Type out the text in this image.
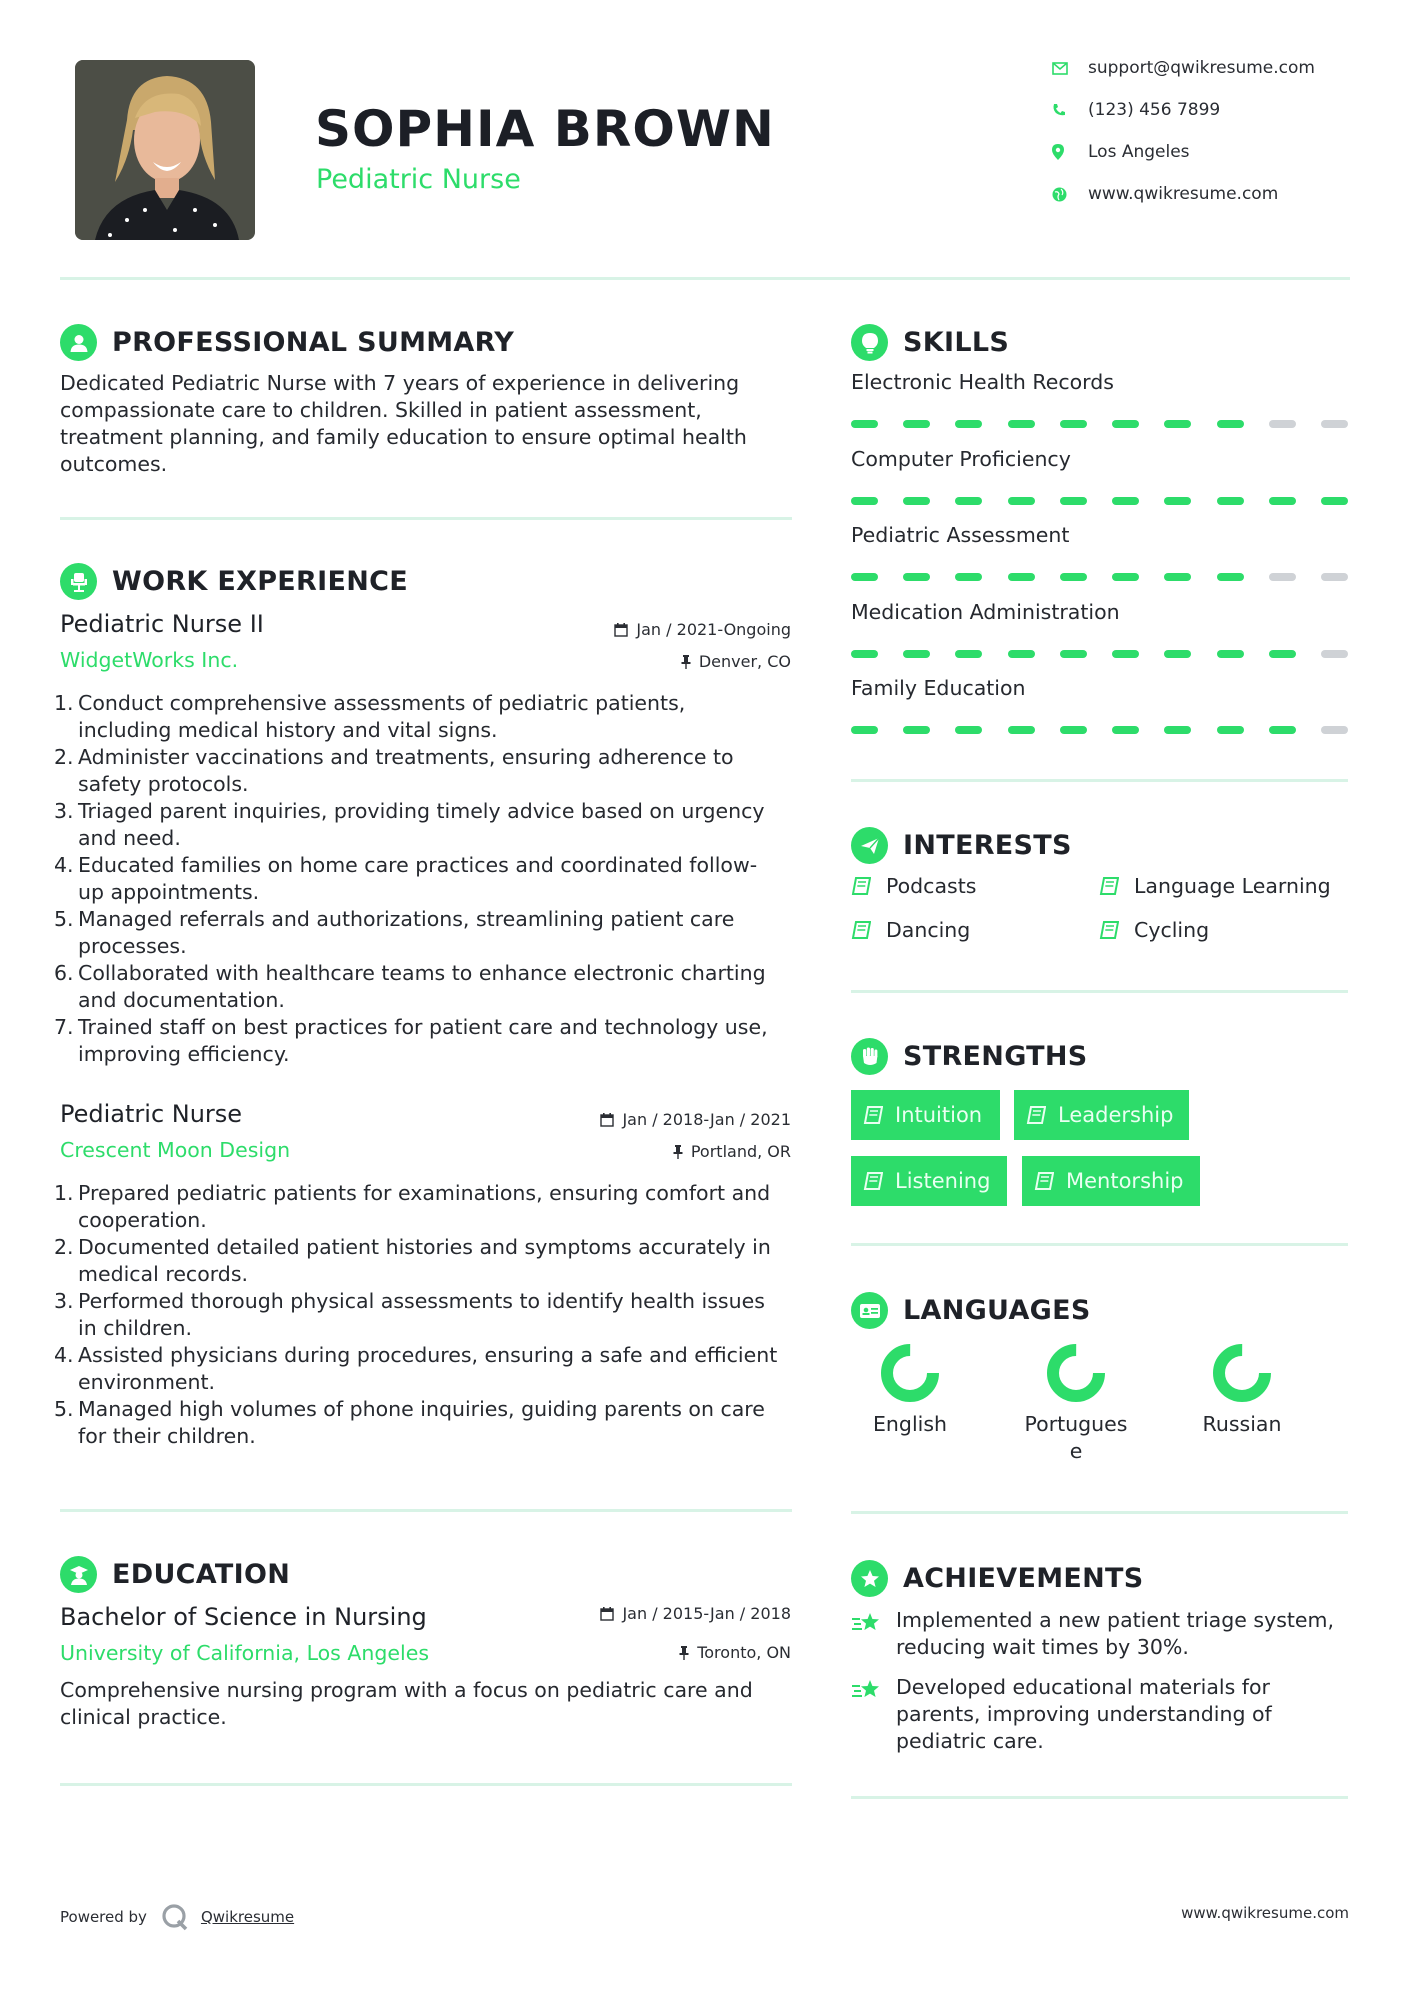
SOPHIA BROWN
Pediatric Nurse
support@qwikresume.com
(123) 456 7899
Los Angeles
www.qwikresume.com
PROFESSIONAL SUMMARY
Dedicated Pediatric Nurse with 7 years of experience in delivering
compassionate care to children. Skilled in patient assessment,
treatment planning, and family education to ensure optimal health
outcomes.
WORK EXPERIENCE
Pediatric Nurse II
WidgetWorks Inc.
Jan / 2021-Ongoing
Denver, CO
1. Conduct comprehensive assessments of pediatric patients,
including medical history and vital signs.
2. Administer vaccinations and treatments, ensuring adherence to
safety protocols.
3. Triaged parent inquiries, providing timely advice based on urgency
and need.
4. Educated families on home care practices and coordinated follow-
up appointments.
5. Managed referrals and authorizations, streamlining patient care
processes.
6. Collaborated with healthcare teams to enhance electronic charting
and documentation.
7. Trained staff on best practices for patient care and technology use,
improving efficiency.
Pediatric Nurse
Crescent Moon Design
Jan / 2018-Jan / 2021
Portland, OR
1. Prepared pediatric patients for examinations, ensuring comfort and
cooperation.
2. Documented detailed patient histories and symptoms accurately in
medical records.
3. Performed thorough physical assessments to identify health issues
in children.
4. Assisted physicians during procedures, ensuring a safe and efficient
environment.
5. Managed high volumes of phone inquiries, guiding parents on care
for their children.
EDUCATION
Bachelor of Science in Nursing
University of California, Los Angeles
Jan / 2015-Jan / 2018
Toronto, ON
Comprehensive nursing program with a focus on pediatric care and
clinical practice.
SKILLS
Electronic Health Records
Computer Proficiency
Pediatric Assessment
Medication Administration
Family Education
INTERESTS
Podcasts	Language Learning
Dancing	Cycling
STRENGTHS
Intuition	Leadership
Listening	Mentorship
LANGUAGES
English	Portugues
e
Russian
ACHIEVEMENTS
Implemented a new patient triage system,
reducing wait times by 30%.
Developed educational materials for
parents, improving understanding of
pediatric care.
Powered by	Qwikresume	www.qwikresume.com
